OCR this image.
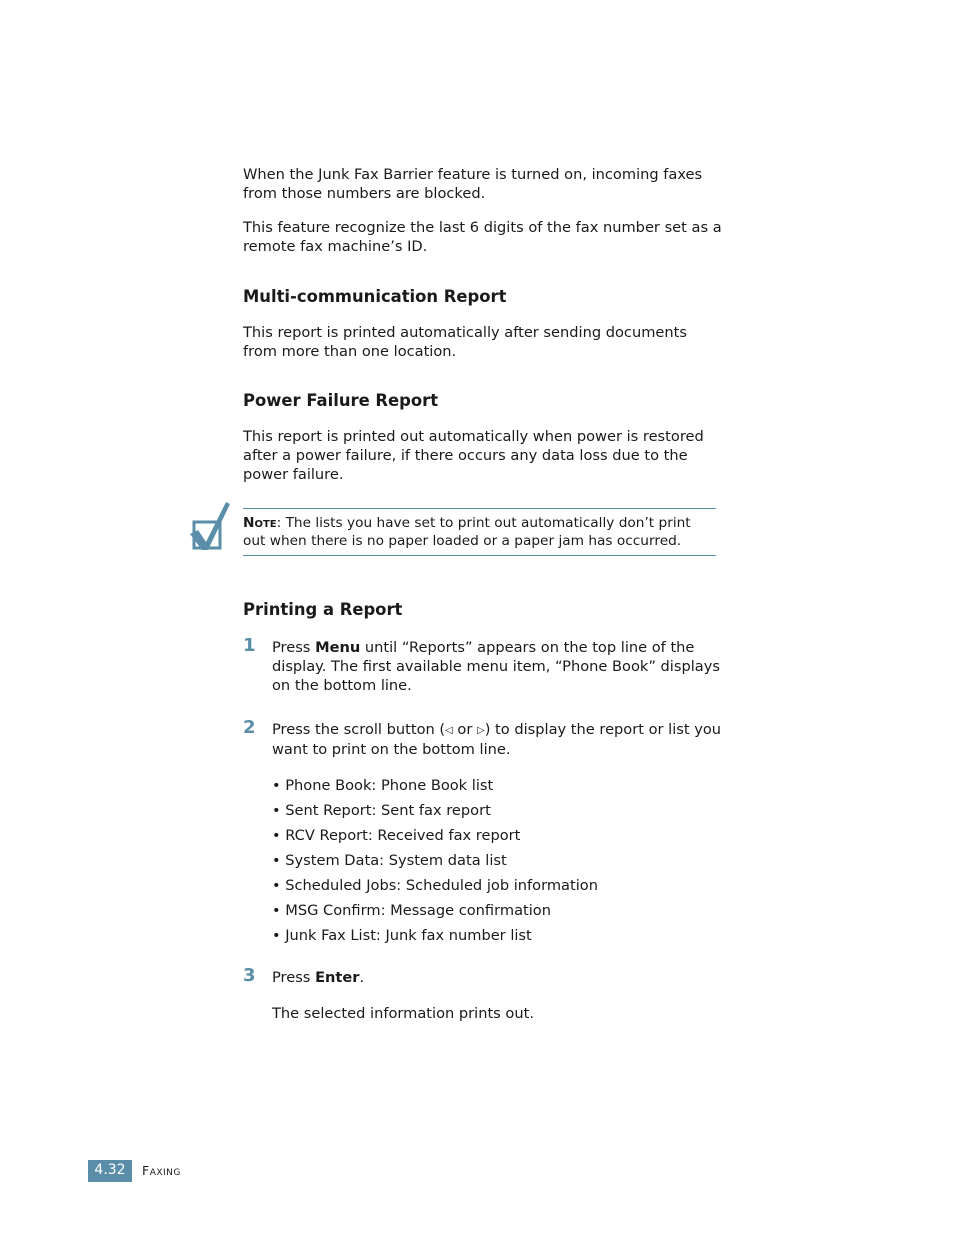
When the Junk Fax Barrier feature is turned on, incoming faxes from those numbers are blocked.

This feature recognize the last 6 digits of the fax number set as a remote fax machine’s ID.

Multi-communication Report

This report is printed automatically after sending documents from more than one location.

Power Failure Report

This report is printed out automatically when power is restored after a power failure, if there occurs any data loss due to the power failure.

Note: The lists you have set to print out automatically don’t print out when there is no paper loaded or a paper jam has occurred.
Printing a Report
1 Press Menu until “Reports” appears on the top line of the display. The first available menu item, “Phone Book” displays on the bottom line.

2 Press the scroll button (◁ or ▷) to display the report or list you want to print on the bottom line.

• Phone Book: Phone Book list
• Sent Report: Sent fax report
• RCV Report: Received fax report
• System Data: System data list
• Scheduled Jobs: Scheduled job information
• MSG Confirm: Message confirmation
• Junk Fax List: Junk fax number list
3 Press Enter.

The selected information prints out.

4.32	Faxing
